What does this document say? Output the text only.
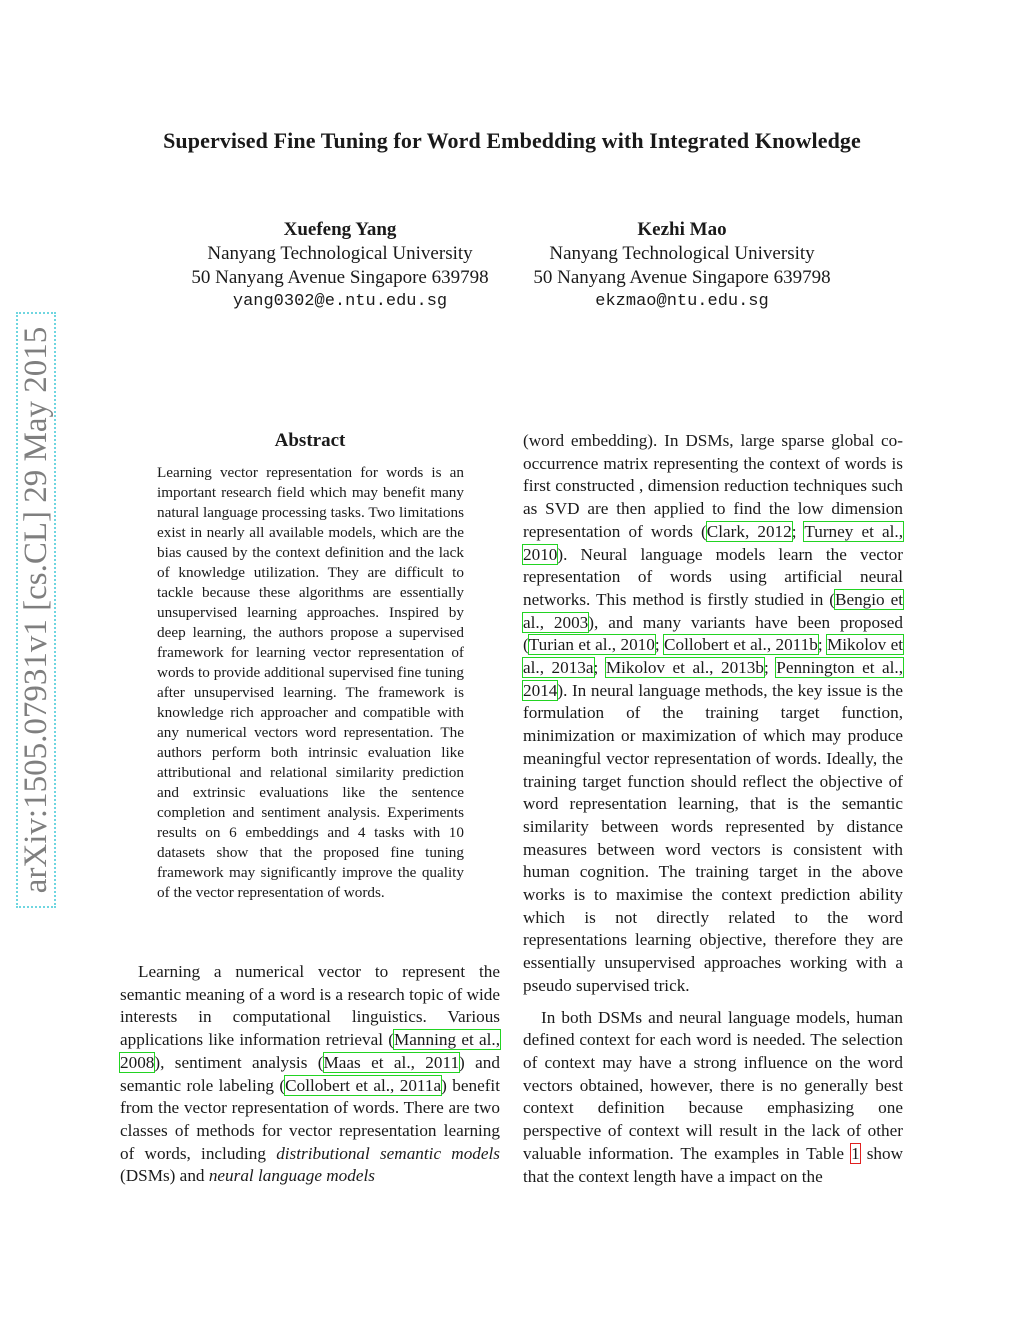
Supervised Fine Tuning for Word Embedding with Integrated Knowledge
Xuefeng Yang
Nanyang Technological University
50 Nanyang Avenue Singapore 639798
yang0302@e.ntu.edu.sg
Kezhi Mao
Nanyang Technological University
50 Nanyang Avenue Singapore 639798
ekzmao@ntu.edu.sg
arXiv:1505.07931v1 [cs.CL] 29 May 2015	Abstract

Learning vector representation for words is an important research field which may benefit many natural language processing tasks. Two limitations exist in nearly all available models, which are the bias caused by the context definition and the lack of knowledge utilization. They are difficult to tackle because these algorithms are essentially unsupervised learning approaches. Inspired by deep learning, the authors propose a supervised framework for learning vector representation of words to provide additional supervised fine tuning after unsupervised learning. The framework is knowledge rich approacher and compatible with any numerical vectors word representation. The authors perform both intrinsic evaluation like attributional and relational similarity prediction and extrinsic evaluations like the sentence completion and sentiment analysis. Experiments results on 6 embeddings and 4 tasks with 10 datasets show that the proposed fine tuning framework may significantly improve the quality of the vector representation of words.

Learning a numerical vector to represent the semantic meaning of a word is a research topic of wide interests in computational linguistics. Various applications like information retrieval (Manning et al., 2008), sentiment analysis (Maas et al., 2011) and semantic role labeling (Collobert et al., 2011a) benefit from the vector representation of words. There are two classes of methods for vector representation learning of words, including distributional semantic models (DSMs) and neural language models

(word embedding). In DSMs, large sparse global co-occurrence matrix representing the context of words is first constructed , dimension reduction techniques such as SVD are then applied to find the low dimension representation of words (Clark, 2012; Turney et al., 2010). Neural language models learn the vector representation of words using artificial neural networks. This method is firstly studied in (Bengio et al., 2003), and many variants have been proposed (Turian et al., 2010; Collobert et al., 2011b; Mikolov et al., 2013a; Mikolov et al., 2013b; Pennington et al., 2014). In neural language methods, the key issue is the formulation of the training target function, minimization or maximization of which may produce meaningful vector representation of words. Ideally, the training target function should reflect the objective of word representation learning, that is the semantic similarity between words represented by distance measures between word vectors is consistent with human cognition. The training target in the above works is to maximise the context prediction ability which is not directly related to the word representations learning objective, therefore they are essentially unsupervised approaches working with a pseudo supervised trick.

In both DSMs and neural language models, human defined context for each word is needed. The selection of context may have a strong influence on the word vectors obtained, however, there is no generally best context definition because emphasizing one perspective of context will result in the lack of other valuable information. The examples in Table 1 show that the context length have a impact on the
